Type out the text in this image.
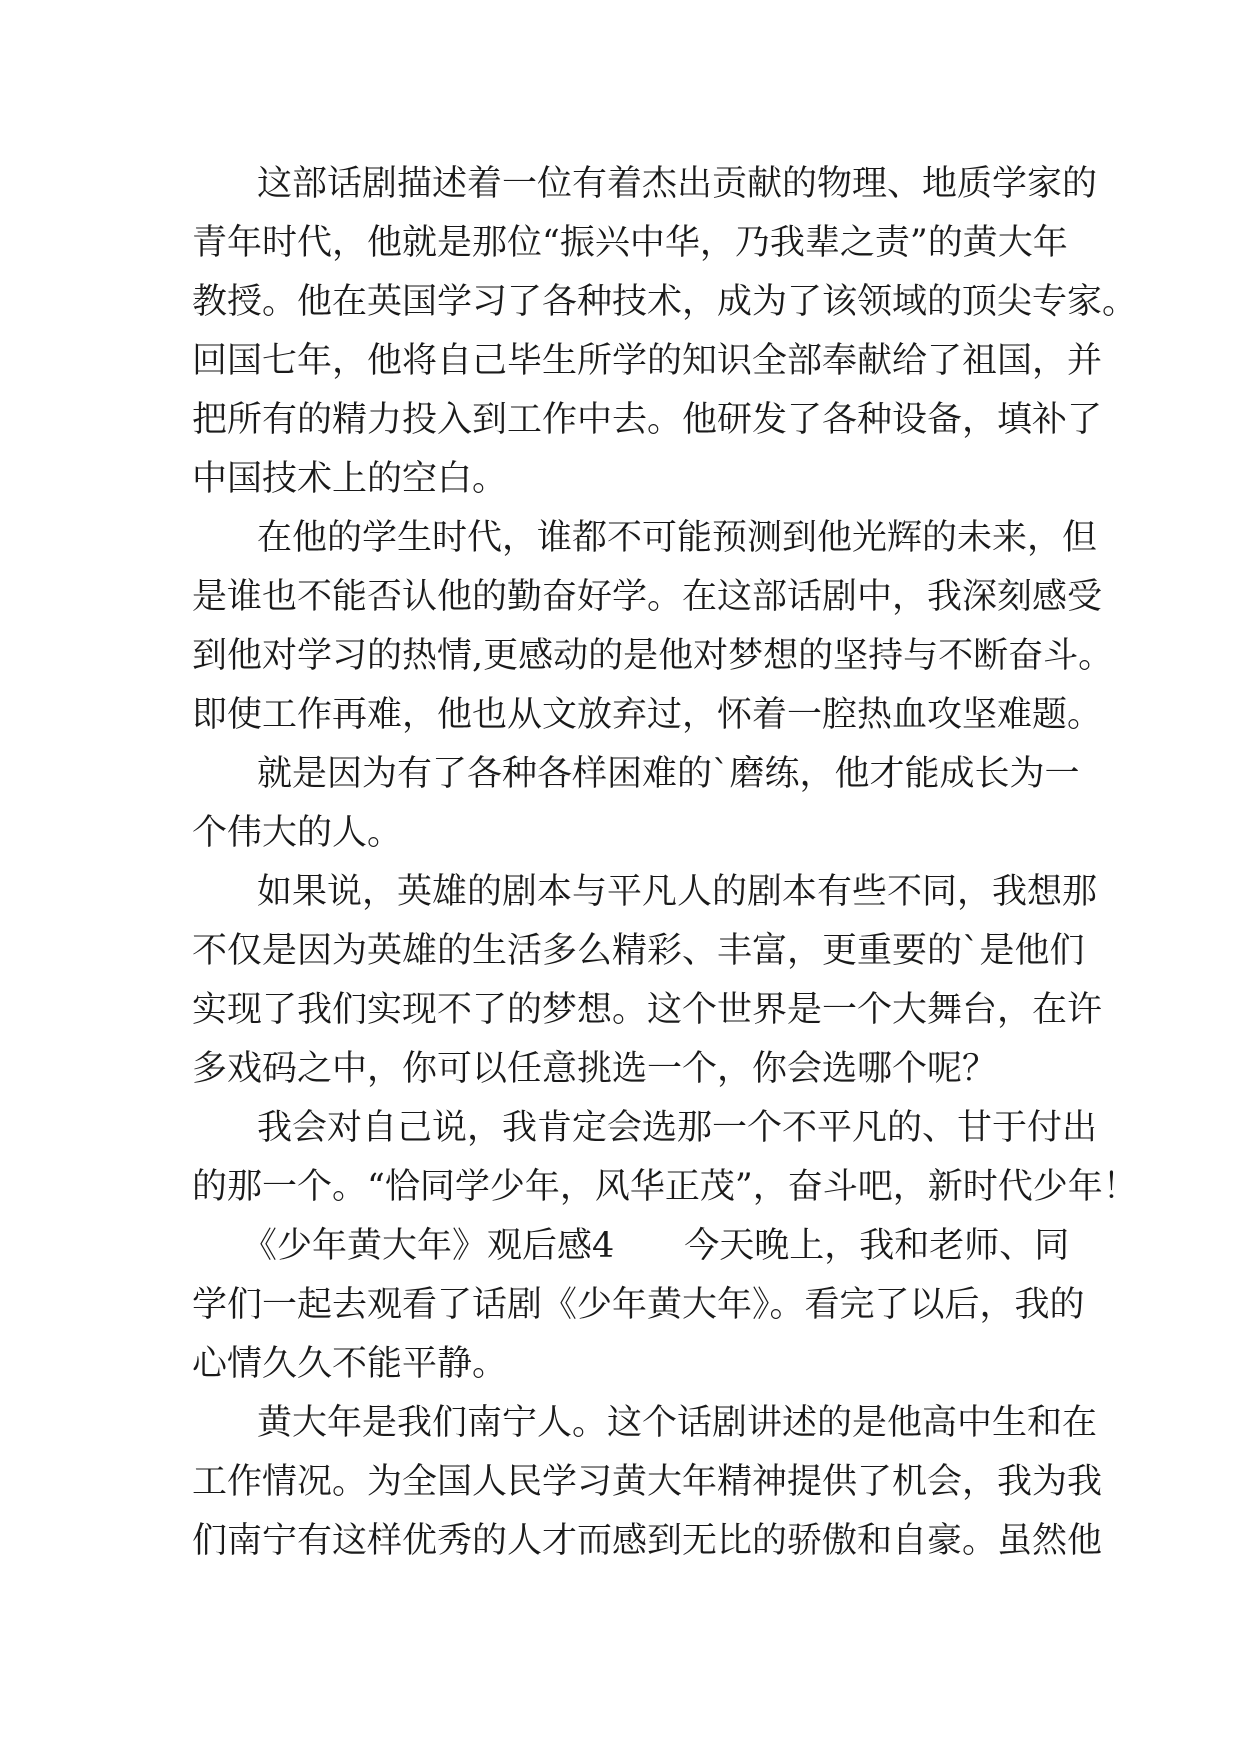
这部话剧描述着一位有着杰出贡献的物理、地质学家的
青年时代，他就是那位“振兴中华，乃我辈之责”的黄大年
教授。他在英国学习了各种技术，成为了该领域的顶尖专家。
回国七年，他将自己毕生所学的知识全部奉献给了祖国，并
把所有的精力投入到工作中去。他研发了各种设备，填补了
中国技术上的空白。
在他的学生时代，谁都不可能预测到他光辉的未来，但
是谁也不能否认他的勤奋好学。在这部话剧中，我深刻感受
到他对学习的热情,更感动的是他对梦想的坚持与不断奋斗。
即使工作再难，他也从文放弃过，怀着一腔热血攻坚难题。
就是因为有了各种各样困难的`磨练，他才能成长为一
个伟大的人。
如果说，英雄的剧本与平凡人的剧本有些不同，我想那
不仅是因为英雄的生活多么精彩、丰富，更重要的`是他们
实现了我们实现不了的梦想。这个世界是一个大舞台，在许
多戏码之中，你可以任意挑选一个，你会选哪个呢？
我会对自己说，我肯定会选那一个不平凡的、甘于付出
的那一个。“恰同学少年，风华正茂”，奋斗吧，新时代少年！
《少年黄大年》观后感4　　今天晚上，我和老师、同
学们一起去观看了话剧《少年黄大年》。看完了以后，我的
心情久久不能平静。
黄大年是我们南宁人。这个话剧讲述的是他高中生和在
工作情况。为全国人民学习黄大年精神提供了机会，我为我
们南宁有这样优秀的人才而感到无比的骄傲和自豪。虽然他
